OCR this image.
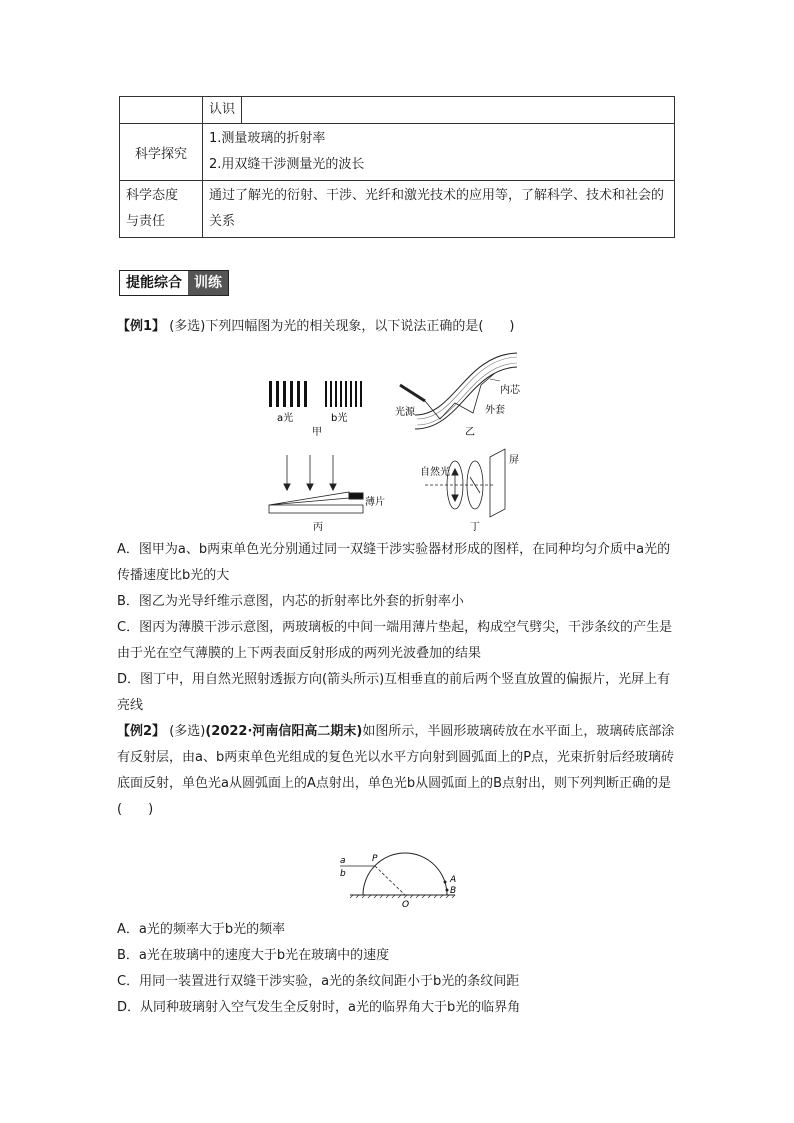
	认识
科学探究	1.测量玻璃的折射率
2.用双缝干涉测量光的波长

科学态度
与责任	通过了解光的衍射、干涉、光纤和激光技术的应用等，了解科学、技术和社会的关系
提能综合 训练
【例1】 (多选)下列四幅图为光的相关现象，以下说法正确的是(　　)
a光	b光
甲
光源
内芯
外套
乙
薄片
丙
自然光
屏
丁
A．图甲为a、b两束单色光分别通过同一双缝干涉实验器材形成的图样，在同种均匀介质中a光的传播速度比b光的大
B．图乙为光导纤维示意图，内芯的折射率比外套的折射率小
C．图丙为薄膜干涉示意图，两玻璃板的中间一端用薄片垫起，构成空气劈尖，干涉条纹的产生是由于光在空气薄膜的上下两表面反射形成的两列光波叠加的结果
D．图丁中，用自然光照射透振方向(箭头所示)互相垂直的前后两个竖直放置的偏振片，光屏上有亮线
【例2】 (多选)(2022·河南信阳高二期末)如图所示，半圆形玻璃砖放在水平面上，玻璃砖底部涂有反射层，由a、b两束单色光组成的复色光以水平方向射到圆弧面上的P点，光束折射后经玻璃砖底面反射，单色光a从圆弧面上的A点射出，单色光b从圆弧面上的B点射出，则下列判断正确的是(　　)
a
b
P
A
B
O
A．a光的频率大于b光的频率
B．a光在玻璃中的速度大于b光在玻璃中的速度
C．用同一装置进行双缝干涉实验，a光的条纹间距小于b光的条纹间距
D．从同种玻璃射入空气发生全反射时，a光的临界角大于b光的临界角
